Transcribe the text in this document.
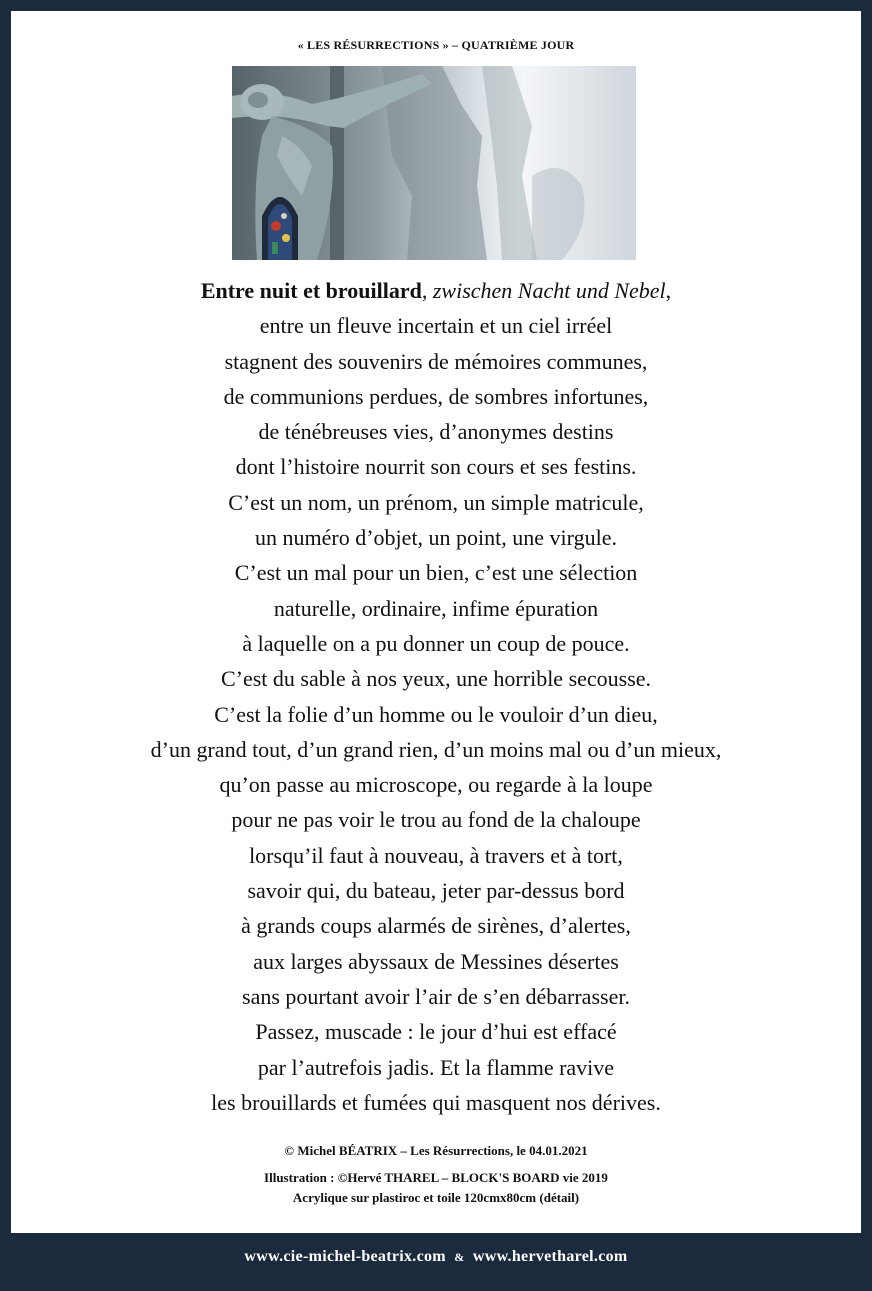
« LES RÉSURRECTIONS » – QUATRIÈME JOUR
Entre nuit et brouillard, zwischen Nacht und Nebel,
entre un fleuve incertain et un ciel irréel
stagnent des souvenirs de mémoires communes,
de communions perdues, de sombres infortunes,
de ténébreuses vies, d’anonymes destins
dont l’histoire nourrit son cours et ses festins.
C’est un nom, un prénom, un simple matricule,
un numéro d’objet, un point, une virgule.
C’est un mal pour un bien, c’est une sélection
naturelle, ordinaire, infime épuration
à laquelle on a pu donner un coup de pouce.
C’est du sable à nos yeux, une horrible secousse.
C’est la folie d’un homme ou le vouloir d’un dieu,
d’un grand tout, d’un grand rien, d’un moins mal ou d’un mieux,
qu’on passe au microscope, ou regarde à la loupe
pour ne pas voir le trou au fond de la chaloupe
lorsqu’il faut à nouveau, à travers et à tort,
savoir qui, du bateau, jeter par-dessus bord
à grands coups alarmés de sirènes, d’alertes,
aux larges abyssaux de Messines désertes
sans pourtant avoir l’air de s’en débarrasser.
Passez, muscade : le jour d’hui est effacé
par l’autrefois jadis. Et la flamme ravive
les brouillards et fumées qui masquent nos dérives.
© Michel BÉATRIX – Les Résurrections, le 04.01.2021
Illustration : ©Hervé THAREL – BLOCK'S BOARD vie 2019
Acrylique sur plastiroc et toile 120cmx80cm (détail)
www.cie-michel-beatrix.com & www.hervetharel.com
